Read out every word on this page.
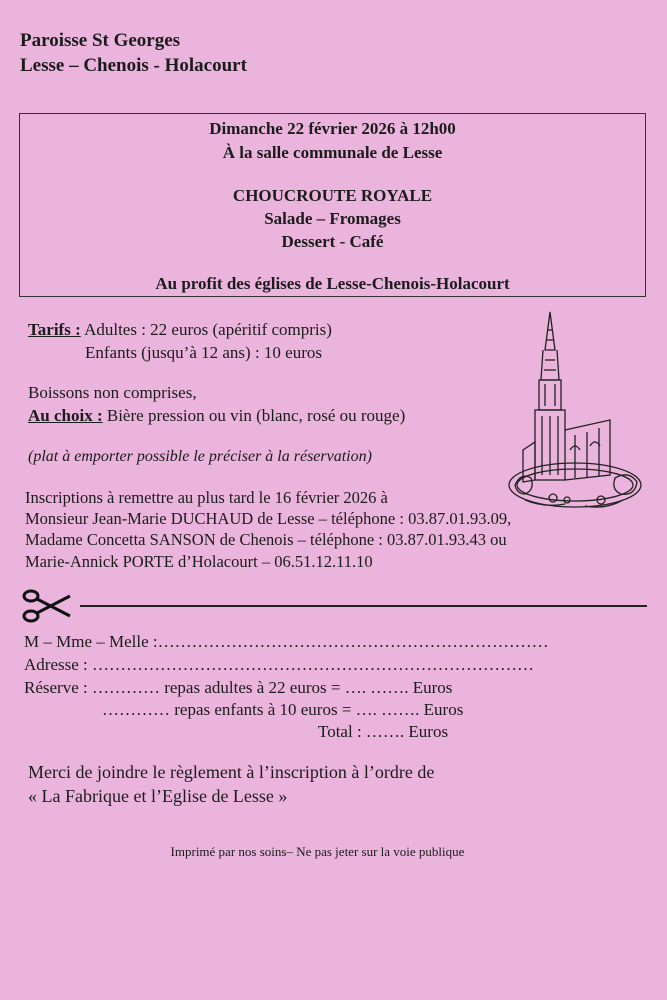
Paroisse St Georges
Lesse – Chenois - Holacourt
Dimanche 22 février 2026 à 12h00
À la salle communale de Lesse
CHOUCROUTE ROYALE
Salade – Fromages
Dessert - Café
Au profit des églises de Lesse-Chenois-Holacourt
Tarifs : Adultes : 22 euros (apéritif compris)
Enfants (jusqu’à 12 ans) : 10 euros
Boissons non comprises,
Au choix : Bière pression ou vin (blanc, rosé ou rouge)
(plat à emporter possible le préciser à la réservation)
Inscriptions à remettre au plus tard le 16 février 2026 à
Monsieur Jean-Marie DUCHAUD de Lesse – téléphone : 03.87.01.93.09,
Madame Concetta SANSON de Chenois – téléphone : 03.87.01.93.43 ou
Marie-Annick PORTE d’Holacourt – 06.51.12.11.10
M – Mme – Melle :……………………………………………………………
Adresse : ……………………………………………………………………
Réserve : ………… repas adultes à 22 euros = …. ……. Euros
………… repas enfants à 10 euros = …. ……. Euros
Total : ……. Euros
Merci de joindre le règlement à l’inscription à l’ordre de
« La Fabrique et l’Eglise de Lesse »
Imprimé par nos soins– Ne pas jeter sur la voie publique
